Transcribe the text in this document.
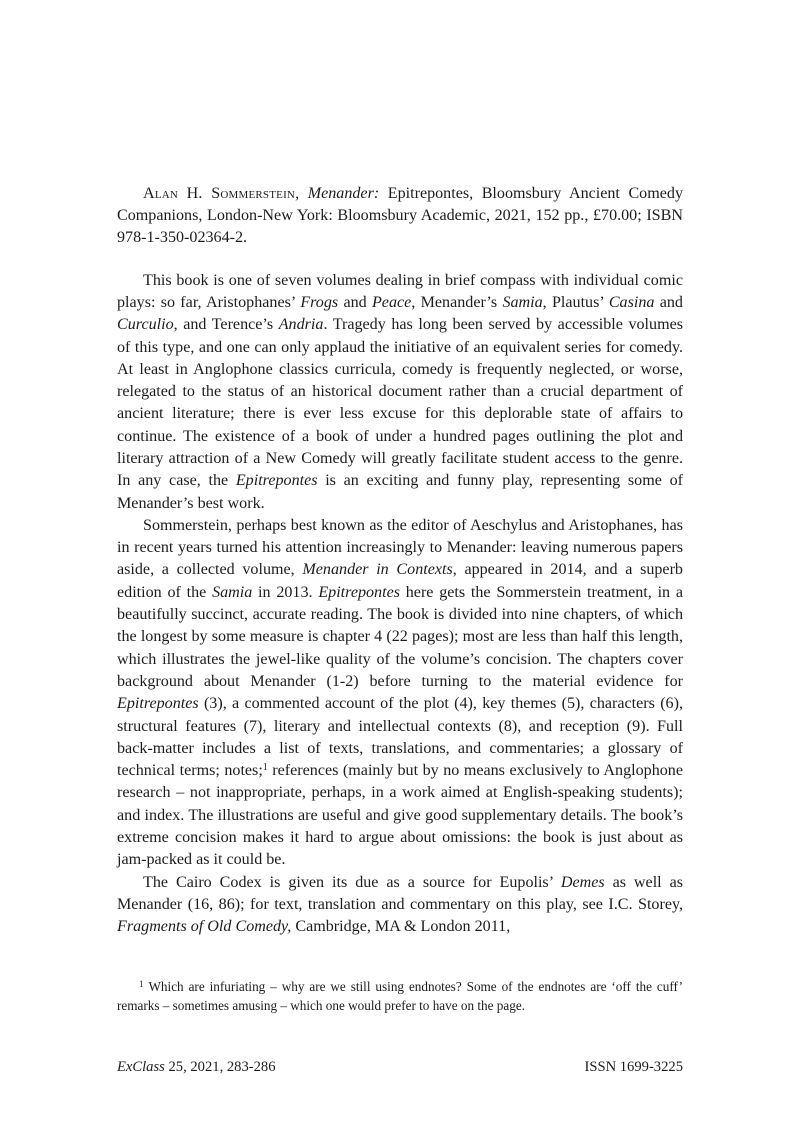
Alan H. Sommerstein, Menander: Epitrepontes, Bloomsbury Ancient Comedy Companions, London-New York: Bloomsbury Academic, 2021, 152 pp., £70.00; ISBN 978-1-350-02364-2.

This book is one of seven volumes dealing in brief compass with individual comic plays: so far, Aristophanes’ Frogs and Peace, Menander’s Samia, Plautus’ Casina and Curculio, and Terence’s Andria. Tragedy has long been served by accessible volumes of this type, and one can only applaud the initiative of an equivalent series for comedy. At least in Anglophone classics curricula, comedy is frequently neglected, or worse, relegated to the status of an historical document rather than a crucial department of ancient literature; there is ever less excuse for this deplorable state of affairs to continue. The existence of a book of under a hundred pages outlining the plot and literary attraction of a New Comedy will greatly facilitate student access to the genre. In any case, the Epitrepontes is an exciting and funny play, representing some of Menander’s best work.

Sommerstein, perhaps best known as the editor of Aeschylus and Aristophanes, has in recent years turned his attention increasingly to Menander: leaving numerous papers aside, a collected volume, Menander in Contexts, appeared in 2014, and a superb edition of the Samia in 2013. Epitrepontes here gets the Sommerstein treatment, in a beautifully succinct, accurate reading. The book is divided into nine chapters, of which the longest by some measure is chapter 4 (22 pages); most are less than half this length, which illustrates the jewel-like quality of the volume’s concision. The chapters cover background about Menander (1-2) before turning to the material evidence for Epitrepontes (3), a commented account of the plot (4), key themes (5), characters (6), structural features (7), literary and intellectual contexts (8), and reception (9). Full back-matter includes a list of texts, translations, and commentaries; a glossary of technical terms; notes;$^1$ references (mainly but by no means exclusively to Anglophone research – not inappropriate, perhaps, in a work aimed at English-speaking students); and index. The illustrations are useful and give good supplementary details. The book’s extreme concision makes it hard to argue about omissions: the book is just about as jam-packed as it could be.

The Cairo Codex is given its due as a source for Eupolis’ Demes as well as Menander (16, 86); for text, translation and commentary on this play, see I.C. Storey, Fragments of Old Comedy, Cambridge, MA & London 2011,

$^1$ Which are infuriating – why are we still using endnotes? Some of the endnotes are ‘off the cuff’ remarks – sometimes amusing – which one would prefer to have on the page.
ExClass 25, 2021, 283-286	ISSN 1699-3225
